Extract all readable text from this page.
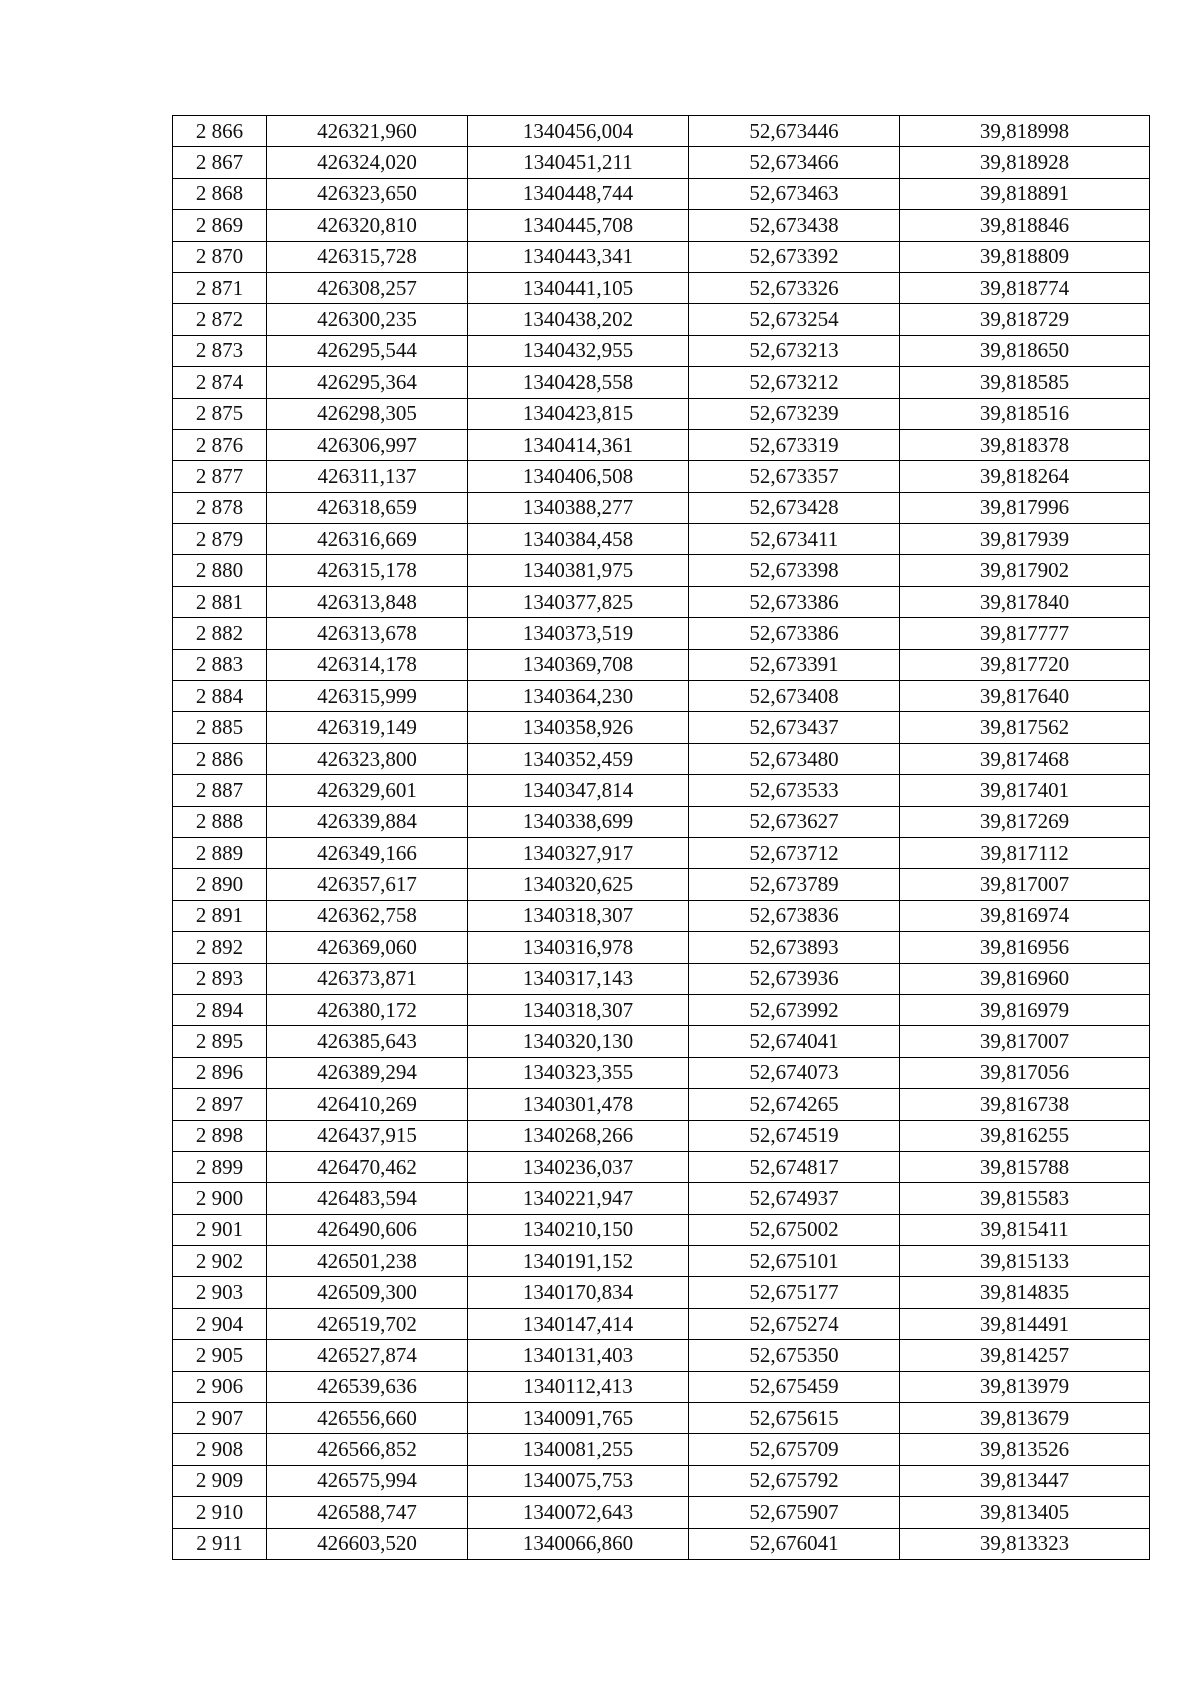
2 866	426321,960	1340456,004	52,673446	39,818998
2 867	426324,020	1340451,211	52,673466	39,818928
2 868	426323,650	1340448,744	52,673463	39,818891
2 869	426320,810	1340445,708	52,673438	39,818846
2 870	426315,728	1340443,341	52,673392	39,818809
2 871	426308,257	1340441,105	52,673326	39,818774
2 872	426300,235	1340438,202	52,673254	39,818729
2 873	426295,544	1340432,955	52,673213	39,818650
2 874	426295,364	1340428,558	52,673212	39,818585
2 875	426298,305	1340423,815	52,673239	39,818516
2 876	426306,997	1340414,361	52,673319	39,818378
2 877	426311,137	1340406,508	52,673357	39,818264
2 878	426318,659	1340388,277	52,673428	39,817996
2 879	426316,669	1340384,458	52,673411	39,817939
2 880	426315,178	1340381,975	52,673398	39,817902
2 881	426313,848	1340377,825	52,673386	39,817840
2 882	426313,678	1340373,519	52,673386	39,817777
2 883	426314,178	1340369,708	52,673391	39,817720
2 884	426315,999	1340364,230	52,673408	39,817640
2 885	426319,149	1340358,926	52,673437	39,817562
2 886	426323,800	1340352,459	52,673480	39,817468
2 887	426329,601	1340347,814	52,673533	39,817401
2 888	426339,884	1340338,699	52,673627	39,817269
2 889	426349,166	1340327,917	52,673712	39,817112
2 890	426357,617	1340320,625	52,673789	39,817007
2 891	426362,758	1340318,307	52,673836	39,816974
2 892	426369,060	1340316,978	52,673893	39,816956
2 893	426373,871	1340317,143	52,673936	39,816960
2 894	426380,172	1340318,307	52,673992	39,816979
2 895	426385,643	1340320,130	52,674041	39,817007
2 896	426389,294	1340323,355	52,674073	39,817056
2 897	426410,269	1340301,478	52,674265	39,816738
2 898	426437,915	1340268,266	52,674519	39,816255
2 899	426470,462	1340236,037	52,674817	39,815788
2 900	426483,594	1340221,947	52,674937	39,815583
2 901	426490,606	1340210,150	52,675002	39,815411
2 902	426501,238	1340191,152	52,675101	39,815133
2 903	426509,300	1340170,834	52,675177	39,814835
2 904	426519,702	1340147,414	52,675274	39,814491
2 905	426527,874	1340131,403	52,675350	39,814257
2 906	426539,636	1340112,413	52,675459	39,813979
2 907	426556,660	1340091,765	52,675615	39,813679
2 908	426566,852	1340081,255	52,675709	39,813526
2 909	426575,994	1340075,753	52,675792	39,813447
2 910	426588,747	1340072,643	52,675907	39,813405
2 911	426603,520	1340066,860	52,676041	39,813323
